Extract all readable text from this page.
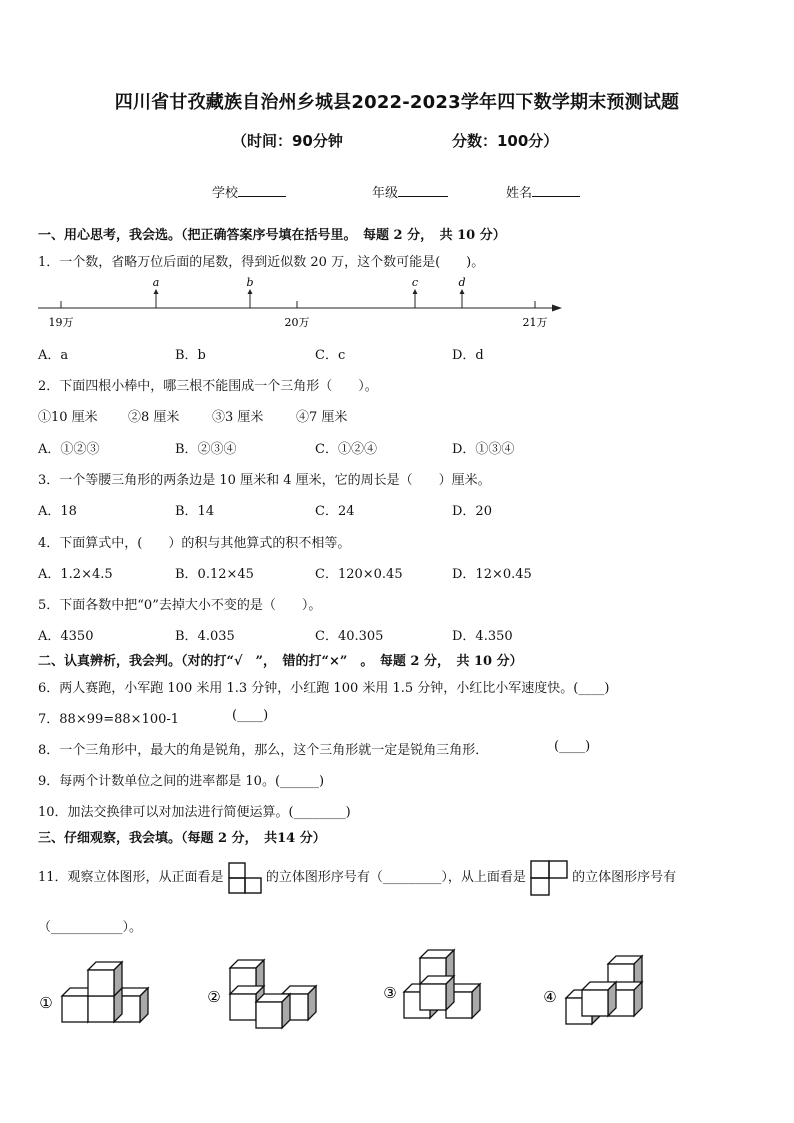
四川省甘孜藏族自治州乡城县2022-2023学年四下数学期末预测试题
（时间：90分钟	分数：100分）
学校	年级	姓名
一、用心思考，我会选。（把正确答案序号填在括号里。　每题 2 分，　共 10 分）
1．一个数，省略万位后面的尾数，得到近似数 20 万，这个数可能是(　　)。
a	b	c	d
19万	20万	21万
A．a	B．b	C．c	D．d
2．下面四根小棒中，哪三根不能围成一个三角形（　　）。
①10 厘米 ②8 厘米	③3 厘米	④7 厘米
A．①②③	B．②③④	C．①②④	D．①③④
3．一个等腰三角形的两条边是 10 厘米和 4 厘米，它的周长是（　　）厘米。
A．18	B．14	C．24	D．20
4．下面算式中，(　　）的积与其他算式的积不相等。
A．1.2×4.5	B．0.12×45	C．120×0.45	D．12×0.45
5．下面各数中把“0”去掉大小不变的是（　　）。
A．4350	B．4.035	C．40.305	D．4.350
二、认真辨析，我会判。（对的打“√　”，　错的打“×”　。　每题 2 分，　共 10 分）
6．两人赛跑，小军跑 100 米用 1.3 分钟，小红跑 100 米用 1.5 分钟，小红比小军速度快。(____)
7．88×99=88×100-1	(____)
8．一个三角形中，最大的角是锐角，那么，这个三角形就一定是锐角三角形．	(____)
9．每两个计数单位之间的进率都是 10。(______)
10．加法交换律可以对加法进行简便运算。(________)
三、仔细观察，我会填。（每题 2 分，　共14 分）
11．观察立体图形，从正面看是	的立体图形序号有（_________），从上面看是	的立体图形序号有
（___________）。
①	②	③	④
